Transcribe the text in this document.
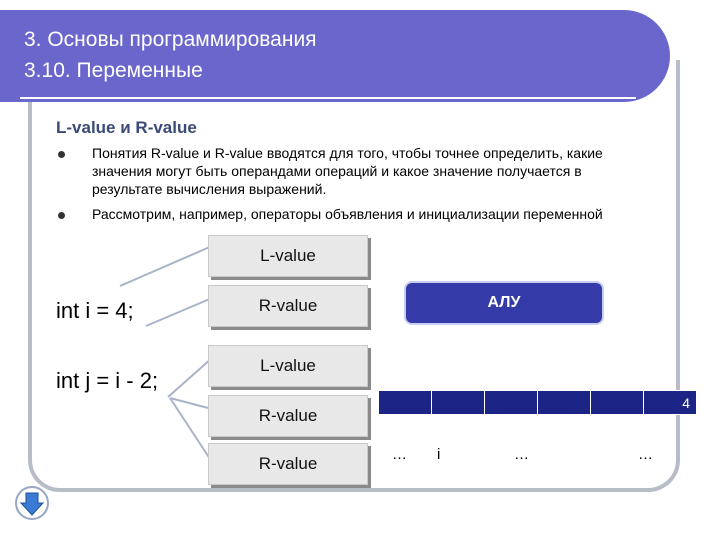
3. Основы программирования
3.10. Переменные
L-value и R-value
Понятия R-value и R-value вводятся для того, чтобы точнее определить, какие значения могут быть операндами операций и какое значение получается в результате вычисления выражений.
Рассмотрим, например, операторы объявления и инициализации переменной
int i = 4;
int j = i - 2;
L-value
R-value
L-value
R-value
R-value
АЛУ
					4
… i	…	…
